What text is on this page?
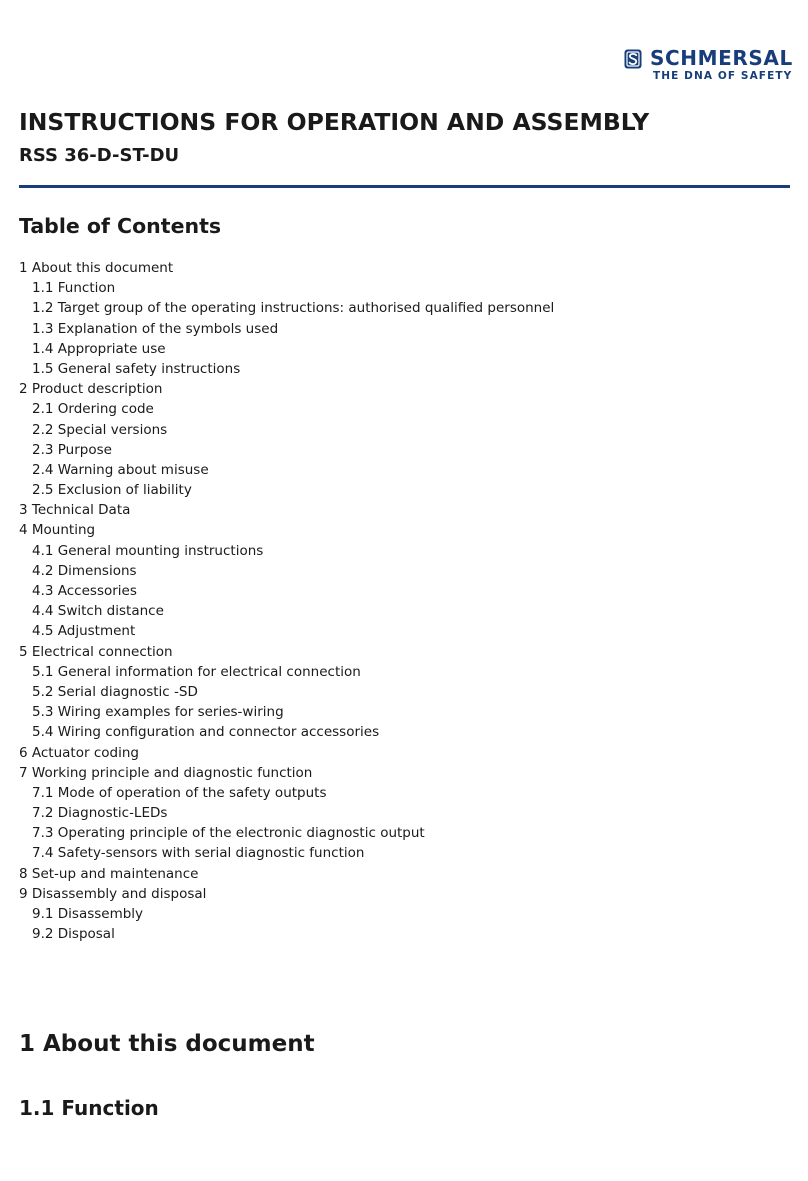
SCHMERSAL
THE DNA OF SAFETY
INSTRUCTIONS FOR OPERATION AND ASSEMBLY
RSS 36-D-ST-DU
Table of Contents
1 About this document
1.1 Function
1.2 Target group of the operating instructions: authorised qualified personnel
1.3 Explanation of the symbols used
1.4 Appropriate use
1.5 General safety instructions
2 Product description
2.1 Ordering code
2.2 Special versions
2.3 Purpose
2.4 Warning about misuse
2.5 Exclusion of liability
3 Technical Data
4 Mounting
4.1 General mounting instructions
4.2 Dimensions
4.3 Accessories
4.4 Switch distance
4.5 Adjustment
5 Electrical connection
5.1 General information for electrical connection
5.2 Serial diagnostic -SD
5.3 Wiring examples for series-wiring
5.4 Wiring configuration and connector accessories
6 Actuator coding
7 Working principle and diagnostic function
7.1 Mode of operation of the safety outputs
7.2 Diagnostic-LEDs
7.3 Operating principle of the electronic diagnostic output
7.4 Safety-sensors with serial diagnostic function
8 Set-up and maintenance
9 Disassembly and disposal
9.1 Disassembly
9.2 Disposal
1 About this document
1.1 Function
